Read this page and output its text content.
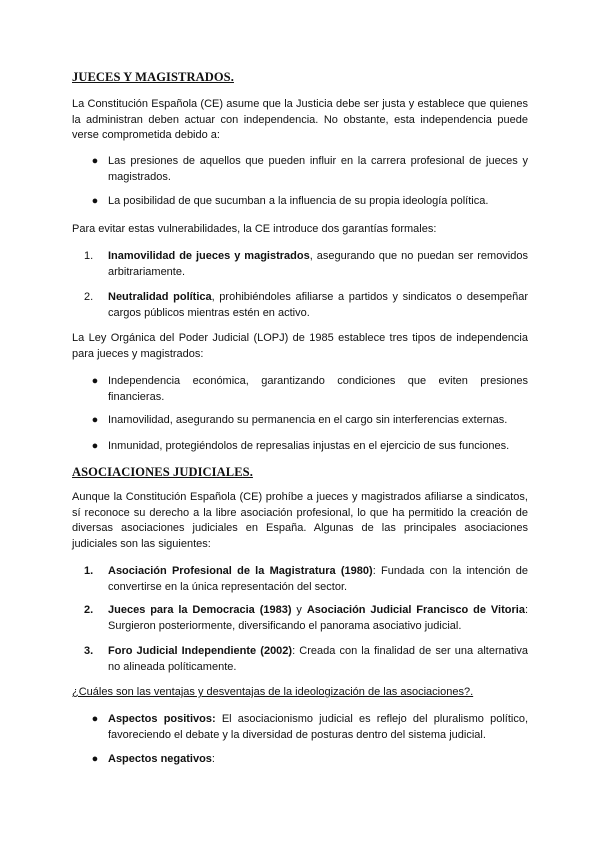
JUECES Y MAGISTRADOS.
La Constitución Española (CE) asume que la Justicia debe ser justa y establece que quienes la administran deben actuar con independencia. No obstante, esta independencia puede verse comprometida debido a:
● Las presiones de aquellos que pueden influir en la carrera profesional de jueces y magistrados.
● La posibilidad de que sucumban a la influencia de su propia ideología política.
Para evitar estas vulnerabilidades, la CE introduce dos garantías formales:
1. Inamovilidad de jueces y magistrados, asegurando que no puedan ser removidos arbitrariamente.
2. Neutralidad política, prohibiéndoles afiliarse a partidos y sindicatos o desempeñar cargos públicos mientras estén en activo.
La Ley Orgánica del Poder Judicial (LOPJ) de 1985 establece tres tipos de independencia para jueces y magistrados:
● Independencia económica, garantizando condiciones que eviten presiones financieras.
● Inamovilidad, asegurando su permanencia en el cargo sin interferencias externas.
● Inmunidad, protegiéndolos de represalias injustas en el ejercicio de sus funciones.
ASOCIACIONES JUDICIALES.
Aunque la Constitución Española (CE) prohíbe a jueces y magistrados afiliarse a sindicatos, sí reconoce su derecho a la libre asociación profesional, lo que ha permitido la creación de diversas asociaciones judiciales en España. Algunas de las principales asociaciones judiciales son las siguientes:
1. Asociación Profesional de la Magistratura (1980): Fundada con la intención de convertirse en la única representación del sector.
2. Jueces para la Democracia (1983) y Asociación Judicial Francisco de Vitoria: Surgieron posteriormente, diversificando el panorama asociativo judicial.
3. Foro Judicial Independiente (2002): Creada con la finalidad de ser una alternativa no alineada políticamente.
¿Cuáles son las ventajas y desventajas de la ideologización de las asociaciones?.
● Aspectos positivos: El asociacionismo judicial es reflejo del pluralismo político, favoreciendo el debate y la diversidad de posturas dentro del sistema judicial.
● Aspectos negativos:
